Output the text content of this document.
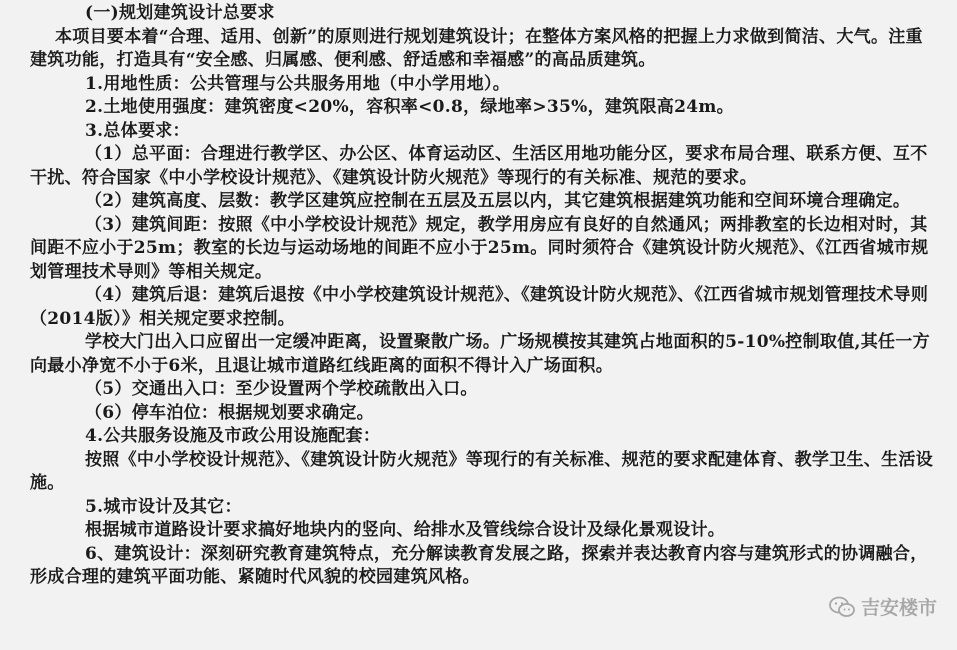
(一)规划建筑设计总要求

本项目要本着“合理、适用、创新”的原则进行规划建筑设计；在整体方案风格的把握上力求做到简洁、大气。注重建筑功能，打造具有“安全感、归属感、便利感、舒适感和幸福感”的高品质建筑。

1.用地性质：公共管理与公共服务用地（中小学用地）。

2.土地使用强度：建筑密度<20%，容积率<0.8，绿地率>35%，建筑限高24m。

3.总体要求：

（1）总平面：合理进行教学区、办公区、体育运动区、生活区用地功能分区，要求布局合理、联系方便、互不干扰、符合国家《中小学校设计规范》、《建筑设计防火规范》等现行的有关标准、规范的要求。

（2）建筑高度、层数：教学区建筑应控制在五层及五层以内，其它建筑根据建筑功能和空间环境合理确定。

（3）建筑间距：按照《中小学校设计规范》规定，教学用房应有良好的自然通风；两排教室的长边相对时，其间距不应小于25m；教室的长边与运动场地的间距不应小于25m。同时须符合《建筑设计防火规范》、《江西省城市规划管理技术导则》等相关规定。

（4）建筑后退：建筑后退按《中小学校建筑设计规范》、《建筑设计防火规范》、《江西省城市规划管理技术导则（2014版）》相关规定要求控制。

学校大门出入口应留出一定缓冲距离，设置聚散广场。广场规模按其建筑占地面积的5-10%控制取值,其任一方向最小净宽不小于6米，且退让城市道路红线距离的面积不得计入广场面积。

（5）交通出入口：至少设置两个学校疏散出入口。

（6）停车泊位：根据规划要求确定。

4.公共服务设施及市政公用设施配套：

按照《中小学校设计规范》、《建筑设计防火规范》等现行的有关标准、规范的要求配建体育、教学卫生、生活设施。

5.城市设计及其它：

根据城市道路设计要求搞好地块内的竖向、给排水及管线综合设计及绿化景观设计。

6、建筑设计：深刻研究教育建筑特点，充分解读教育发展之路，探索并表达教育内容与建筑形式的协调融合，形成合理的建筑平面功能、紧随时代风貌的校园建筑风格。

吉安楼市
